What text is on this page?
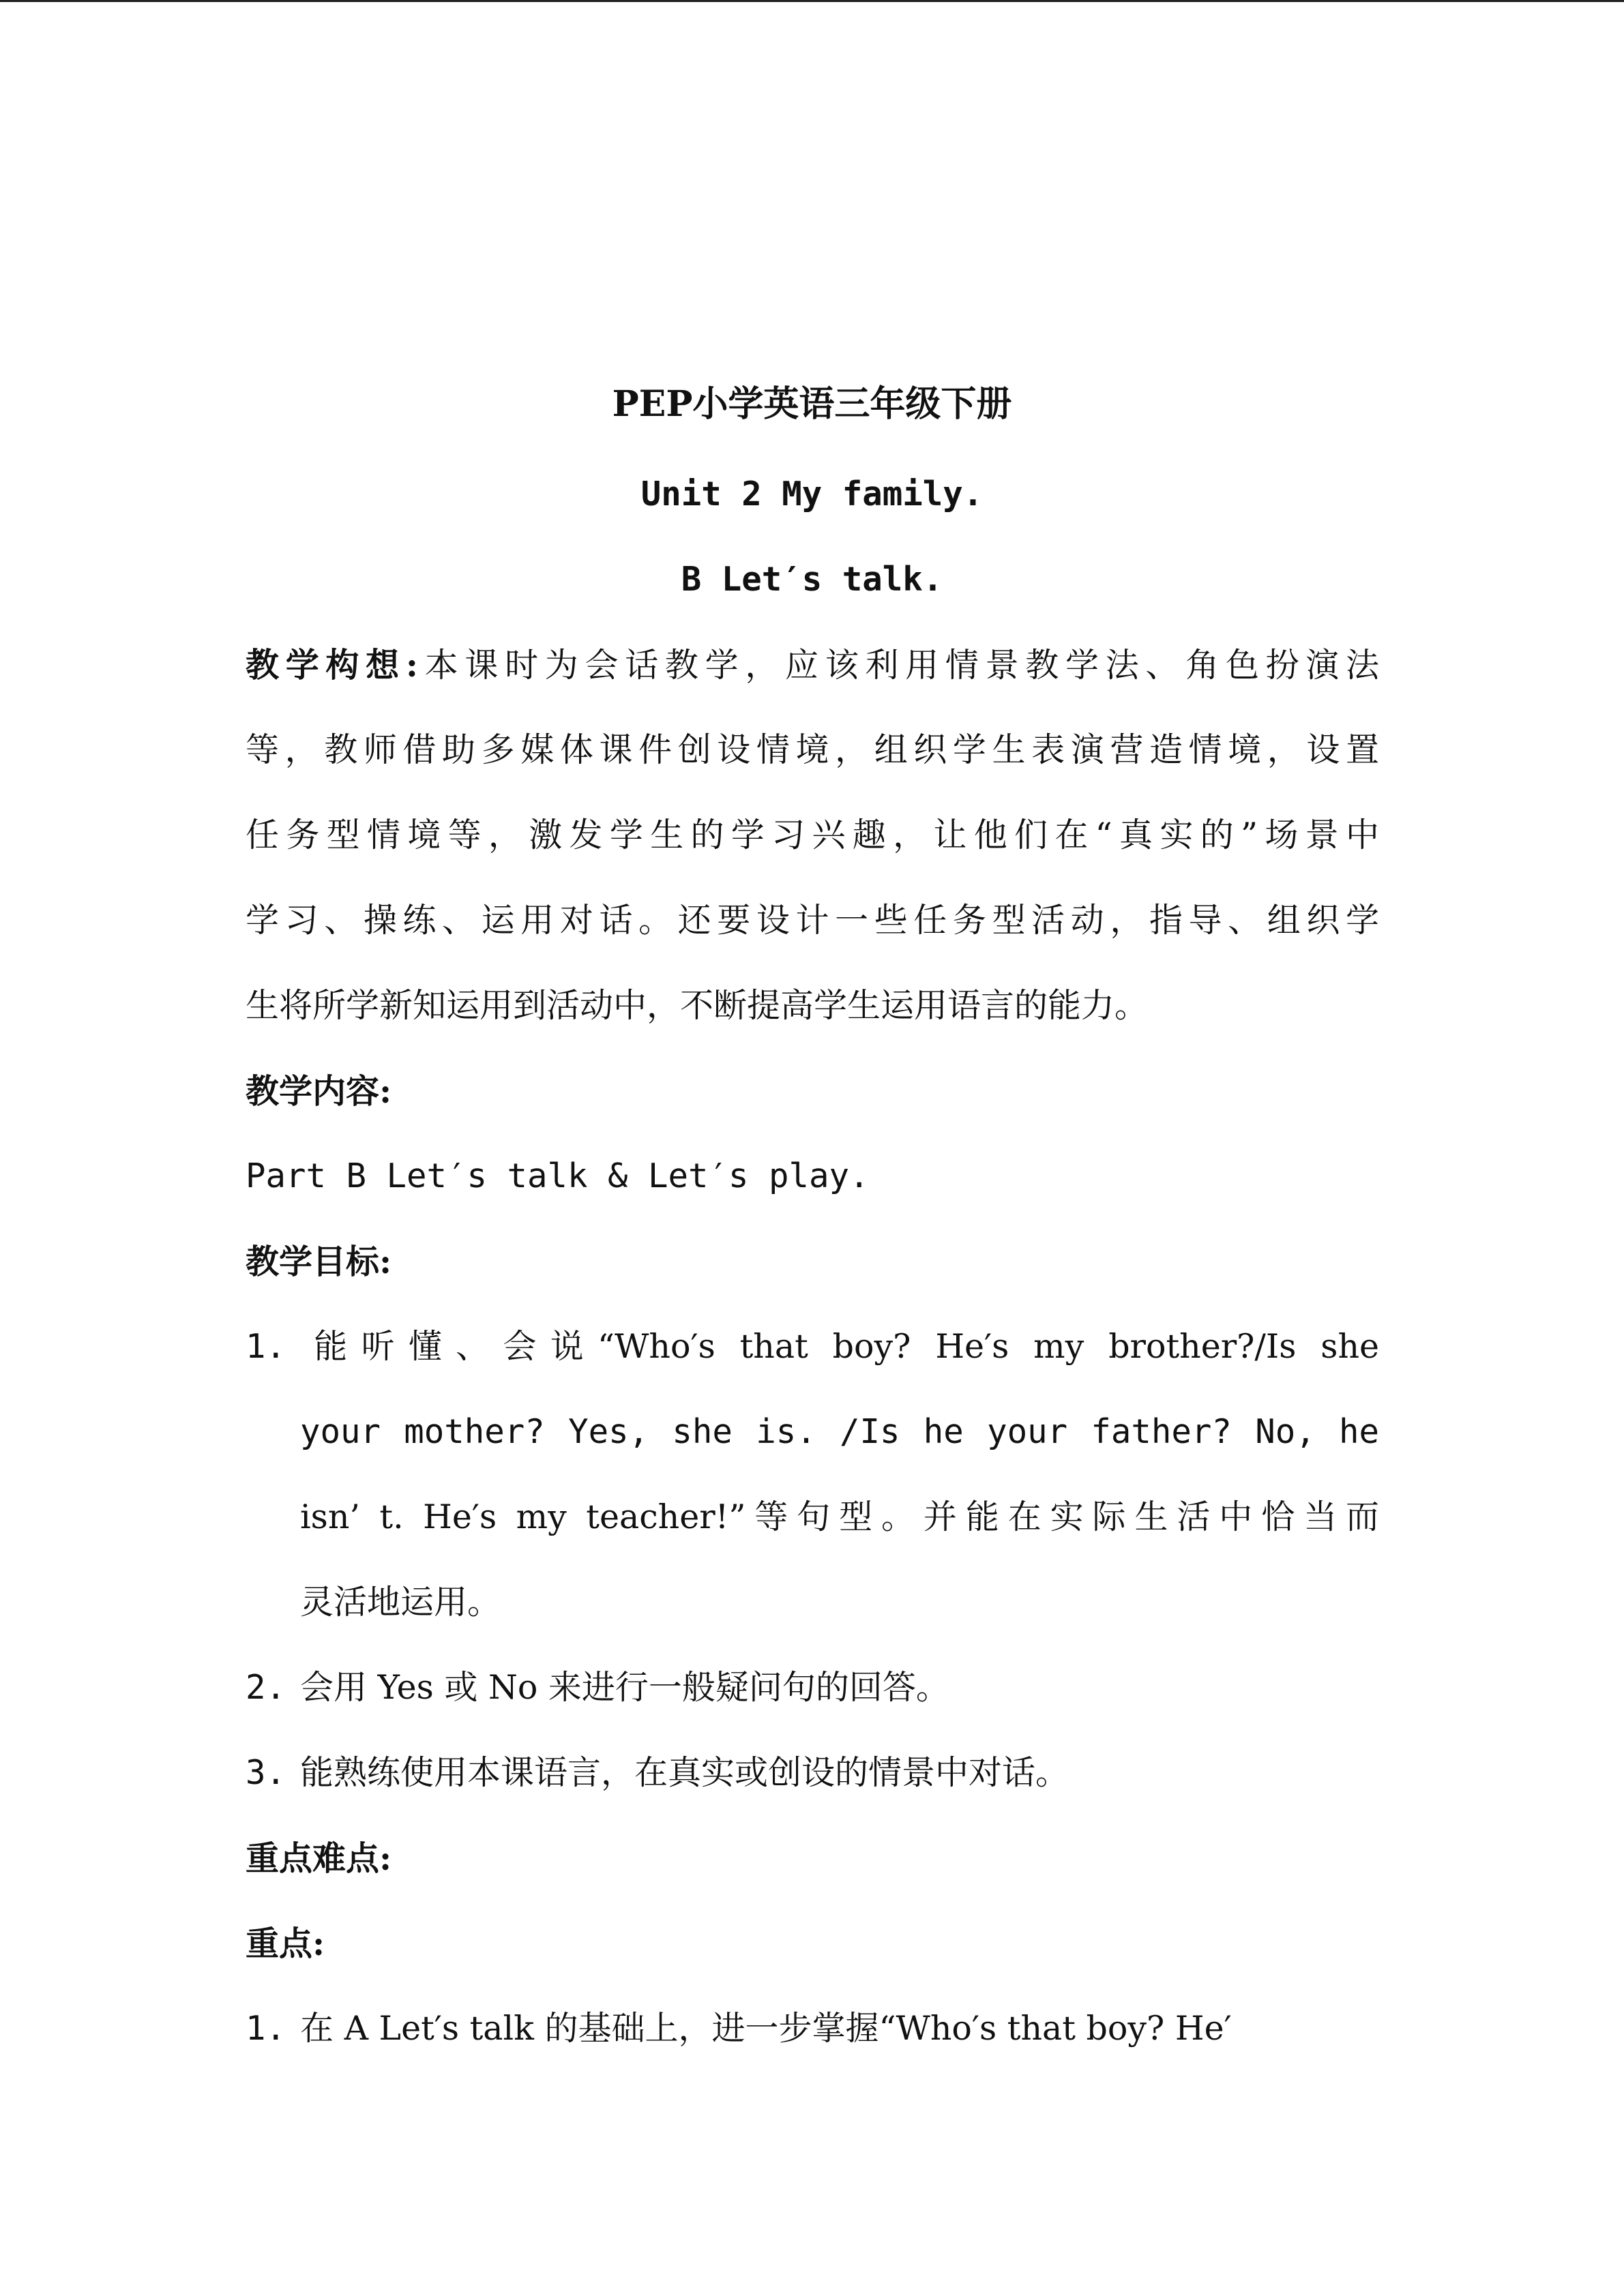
PEP小学英语三年级下册
Unit 2 My family.
B Let′s talk.
教学构想:本课时为会话教学，应该利用情景教学法、角色扮演法
等，教师借助多媒体课件创设情境，组织学生表演营造情境，设置
任务型情境等，激发学生的学习兴趣，让他们在“真实的”场景中
学习、操练、运用对话。还要设计一些任务型活动，指导、组织学
生将所学新知运用到活动中，不断提高学生运用语言的能力。
教学内容:
Part B Let′s talk & Let′s play.
教学目标:
1. 能听懂、会说“Who′s that boy? He′s my brother?/Is she
your mother? Yes, she is. /Is he your father? No, he
isn’ t. He′s my teacher!”等句型。并能在实际生活中恰当而
灵活地运用。
2. 会用 Yes 或 No 来进行一般疑问句的回答。
3. 能熟练使用本课语言，在真实或创设的情景中对话。
重点难点:
重点:
1. 在 A Let′s talk 的基础上，进一步掌握“Who′s that boy? He′
